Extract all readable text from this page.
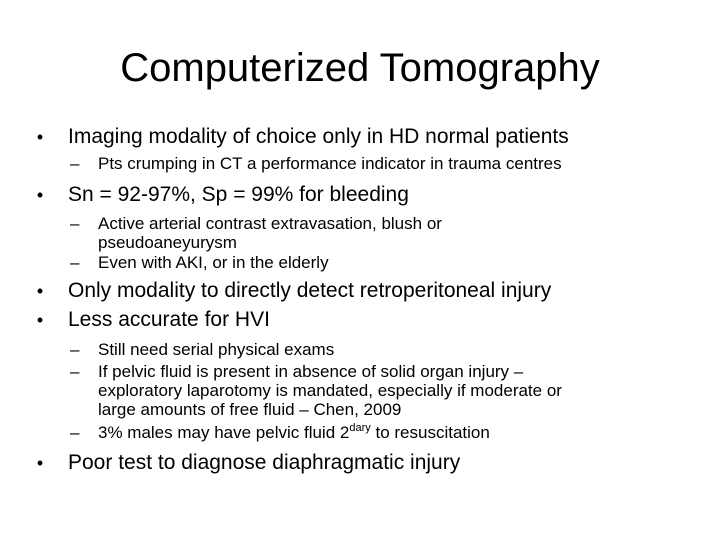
Computerized Tomography
•	Imaging modality of choice only in HD normal patients
– Pts crumping in CT a performance indicator in trauma centres
•	Sn = 92-97%, Sp = 99% for bleeding
– Active arterial contrast extravasation, blush or
pseudoaneyurysm
– Even with AKI, or in the elderly
•	Only modality to directly detect retroperitoneal injury
•	Less accurate for HVI
– Still need serial physical exams
– If pelvic fluid is present in absence of solid organ injury –
exploratory laparotomy is mandated, especially if moderate or
large amounts of free fluid – Chen, 2009
– 3% males may have pelvic fluid $2^{dary}$ to resuscitation
•	Poor test to diagnose diaphragmatic injury
